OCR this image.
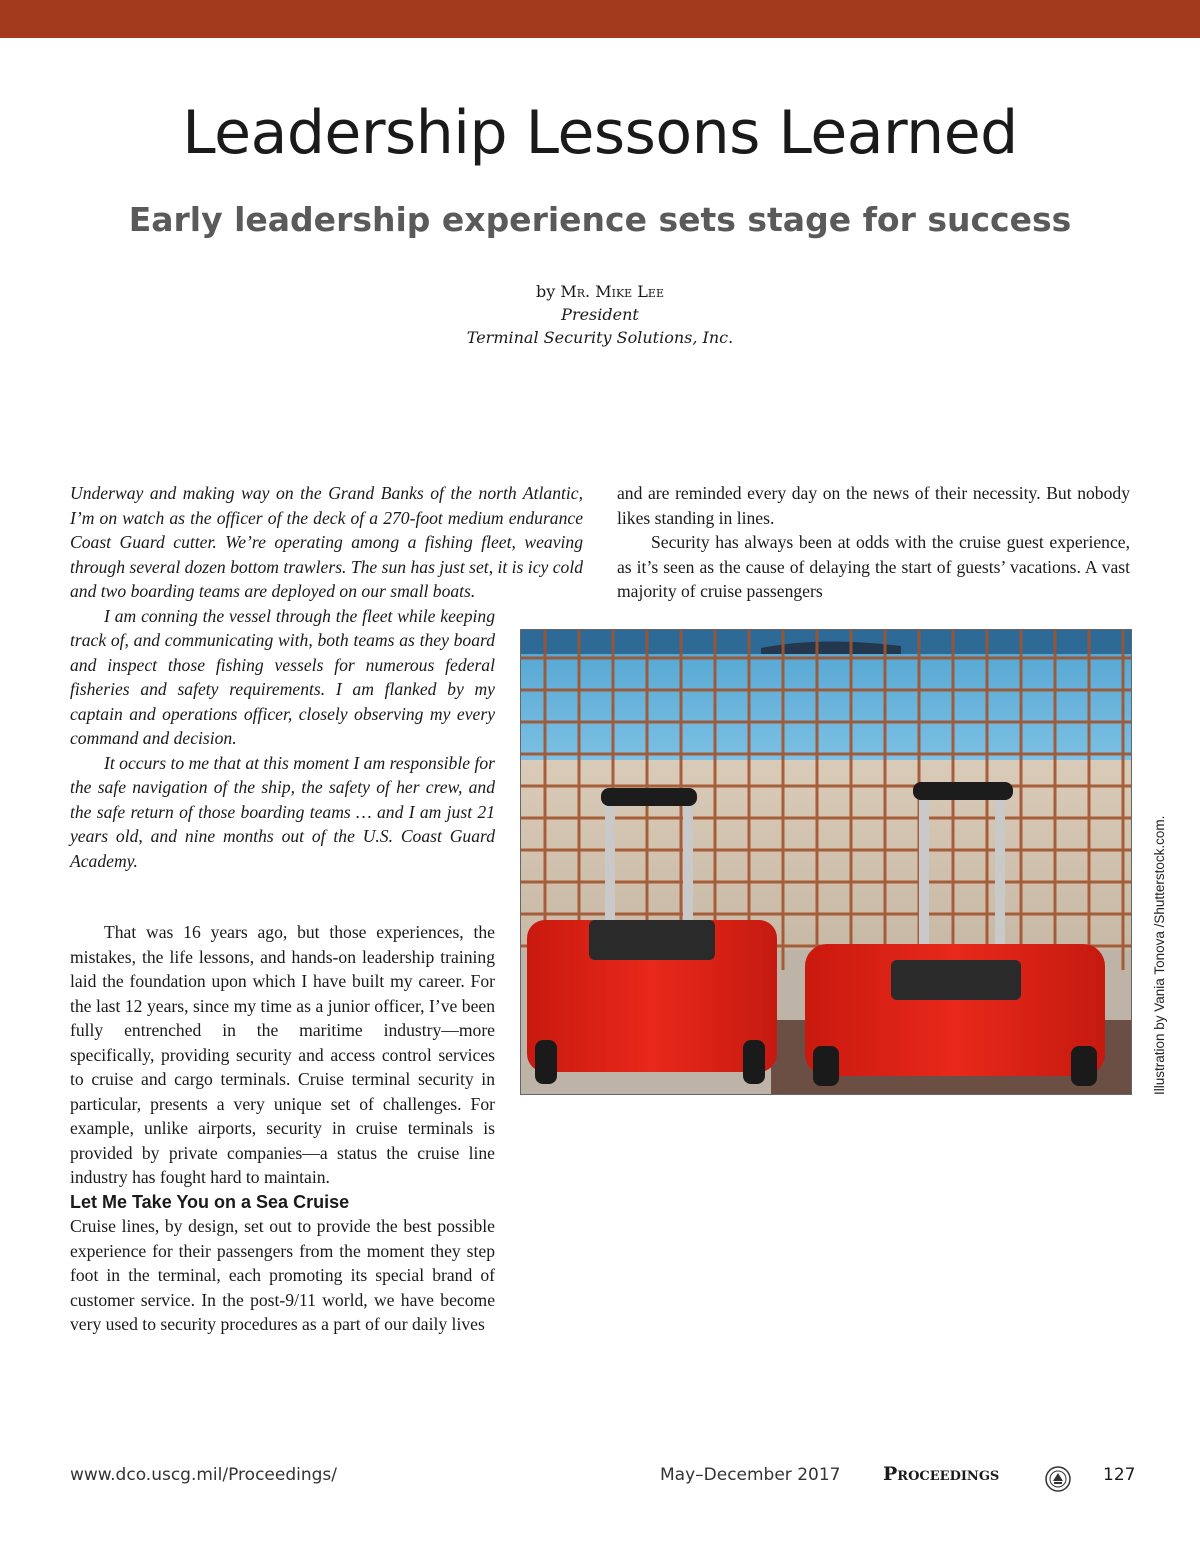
Leadership Lessons Learned
Early leadership experience sets stage for success
by Mr. Mike Lee
President
Terminal Security Solutions, Inc.

Underway and making way on the Grand Banks of the north Atlantic, I’m on watch as the officer of the deck of a 270-foot medium endurance Coast Guard cutter. We’re operating among a fishing fleet, weaving through several dozen bottom trawlers. The sun has just set, it is icy cold and two boarding teams are deployed on our small boats.

I am conning the vessel through the fleet while keeping track of, and communicating with, both teams as they board and inspect those fishing vessels for numerous federal fisheries and safety requirements. I am flanked by my captain and operations officer, closely observing my every command and decision.

It occurs to me that at this moment I am responsible for the safe navigation of the ship, the safety of her crew, and the safe return of those boarding teams … and I am just 21 years old, and nine months out of the U.S. Coast Guard Academy.

That was 16 years ago, but those experiences, the mistakes, the life lessons, and hands-on leadership training laid the foundation upon which I have built my career. For the last 12 years, since my time as a junior officer, I’ve been fully entrenched in the maritime industry—more specifically, providing security and access control services to cruise and cargo terminals. Cruise terminal security in particular, presents a very unique set of challenges. For example, unlike airports, security in cruise terminals is provided by private companies—a status the cruise line industry has fought hard to maintain.

Let Me Take You on a Sea Cruise

Cruise lines, by design, set out to provide the best possible experience for their passengers from the moment they step foot in the terminal, each promoting its special brand of customer service. In the post-9/11 world, we have become very used to security procedures as a part of our daily lives

and are reminded every day on the news of their necessity. But nobody likes standing in lines.

Security has always been at odds with the cruise guest experience, as it’s seen as the cause of delaying the start of guests’ vacations. A vast majority of cruise passengers

Illustration by Vania Tonova /Shutterstock.com.
www.dco.uscg.mil/Proceedings/	May–December 2017 Proceedings	127
